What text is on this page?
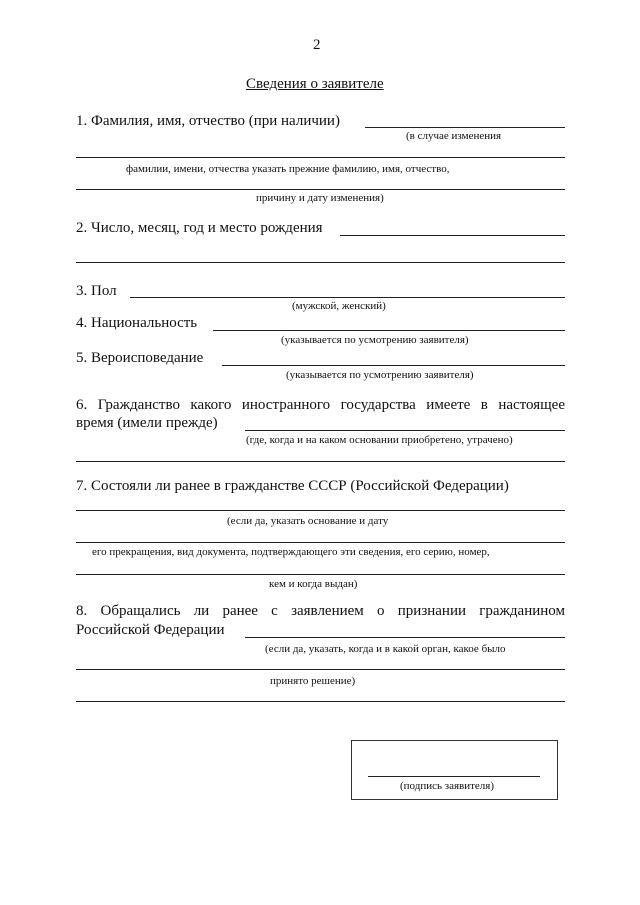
2
Сведения о заявителе
1. Фамилия, имя, отчество (при наличии)
(в случае изменения
фамилии, имени, отчества указать прежние фамилию, имя, отчество,
причину и дату изменения)
2. Число, месяц, год и место рождения
3. Пол
(мужской, женский)
4. Национальность
(указывается по усмотрению заявителя)
5. Вероисповедание
(указывается по усмотрению заявителя)
6. Гражданство какого иностранного государства имеете в настоящее
время (имели прежде)
(где, когда и на каком основании приобретено, утрачено)
7. Состояли ли ранее в гражданстве СССР (Российской Федерации)
(если да, указать основание и дату
его прекращения, вид документа, подтверждающего эти сведения, его серию, номер,
кем и когда выдан)
8. Обращались ли ранее с заявлением о признании гражданином
Российской Федерации
(если да, указать, когда и в какой орган, какое было
принято решение)
(подпись заявителя)
